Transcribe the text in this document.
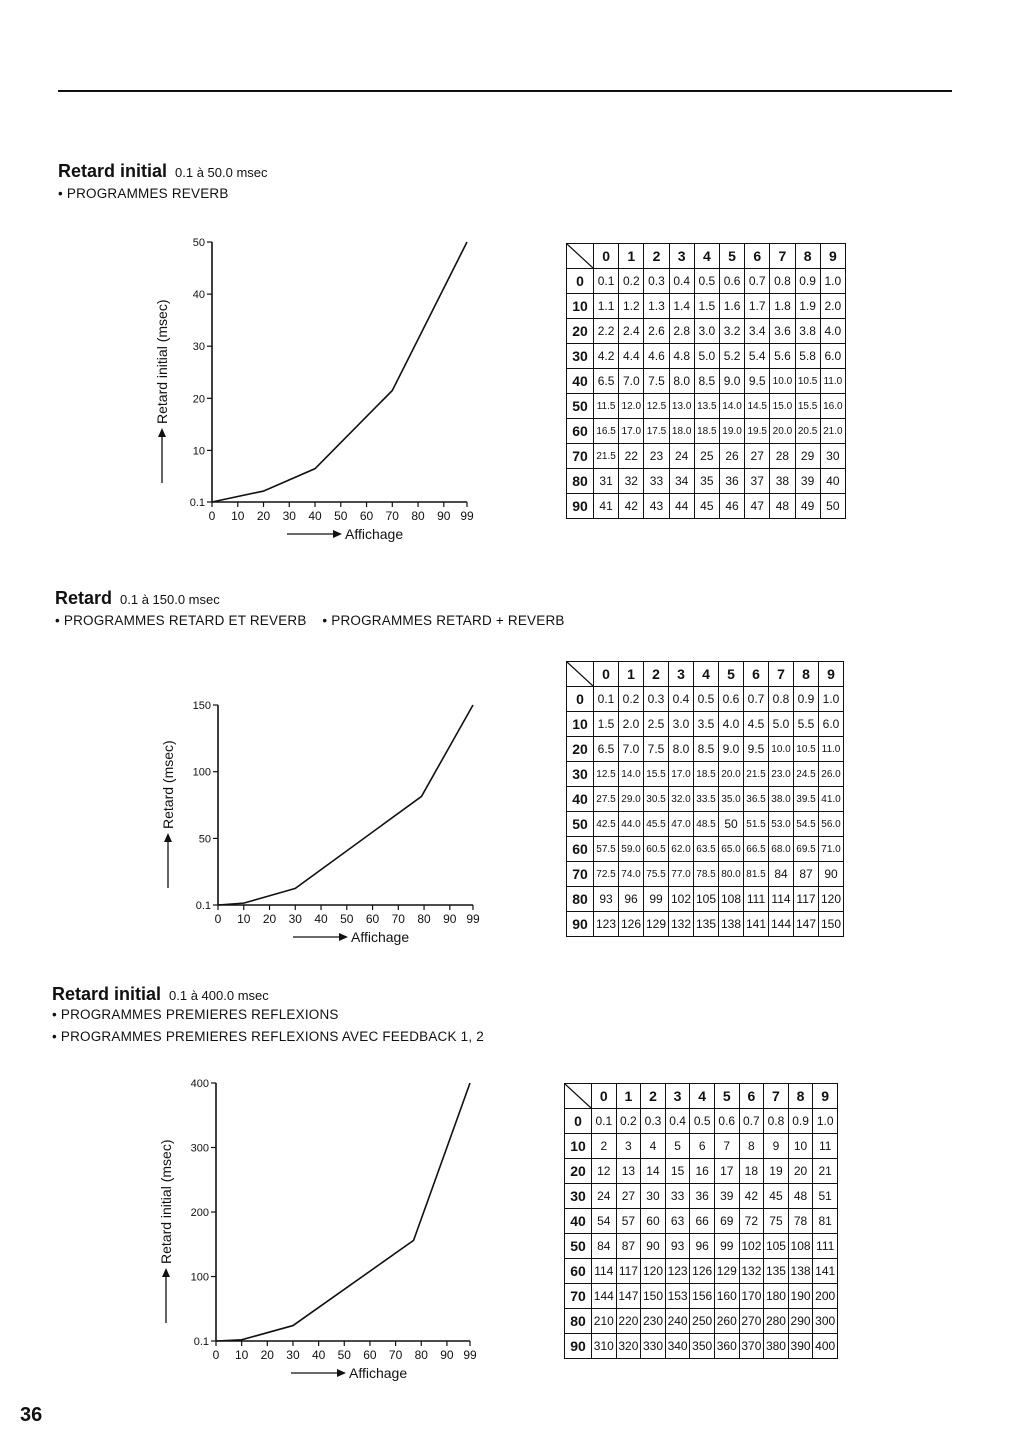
Retard initial 0.1 à 50.0 msec
• PROGRAMMES REVERB
0 10 20 30 40 50 60 70 80 90 99
0.1
10
20
30
40
50
Retard initial (msec)
Affichage
	0	1	2	3	4	5	6	7	8	9
0	0.1	0.2	0.3	0.4	0.5	0.6	0.7	0.8	0.9	1.0
10	1.1	1.2	1.3	1.4	1.5	1.6	1.7	1.8	1.9	2.0
20	2.2	2.4	2.6	2.8	3.0	3.2	3.4	3.6	3.8	4.0
30	4.2	4.4	4.6	4.8	5.0	5.2	5.4	5.6	5.8	6.0
40	6.5	7.0	7.5	8.0	8.5	9.0	9.5	10.0	10.5	11.0
50	11.5	12.0	12.5	13.0	13.5	14.0	14.5	15.0	15.5	16.0
60	16.5	17.0	17.5	18.0	18.5	19.0	19.5	20.0	20.5	21.0
70	21.5	22	23	24	25	26	27	28	29	30
80	31	32	33	34	35	36	37	38	39	40
90	41	42	43	44	45	46	47	48	49	50
Retard 0.1 à 150.0 msec
• PROGRAMMES RETARD ET REVERB    • PROGRAMMES RETARD + REVERB
0 10 20 30 40 50 60 70 80 90 99
0.1
50
100
150
Retard (msec)
Affichage
	0	1	2	3	4	5	6	7	8	9
0	0.1	0.2	0.3	0.4	0.5	0.6	0.7	0.8	0.9	1.0
10	1.5	2.0	2.5	3.0	3.5	4.0	4.5	5.0	5.5	6.0
20	6.5	7.0	7.5	8.0	8.5	9.0	9.5	10.0	10.5	11.0
30	12.5	14.0	15.5	17.0	18.5	20.0	21.5	23.0	24.5	26.0
40	27.5	29.0	30.5	32.0	33.5	35.0	36.5	38.0	39.5	41.0
50	42.5	44.0	45.5	47.0	48.5	50	51.5	53.0	54.5	56.0
60	57.5	59.0	60.5	62.0	63.5	65.0	66.5	68.0	69.5	71.0
70	72.5	74.0	75.5	77.0	78.5	80.0	81.5	84	87	90
80	93	96	99	102	105	108	111	114	117	120
90	123	126	129	132	135	138	141	144	147	150
Retard initial 0.1 à 400.0 msec
• PROGRAMMES PREMIERES REFLEXIONS
• PROGRAMMES PREMIERES REFLEXIONS AVEC FEEDBACK 1, 2
0 10 20 30 40 50 60 70 80 90 99
0.1
100
200
300
400
Retard initial (msec)
Affichage
	0	1	2	3	4	5	6	7	8	9
0	0.1	0.2	0.3	0.4	0.5	0.6	0.7	0.8	0.9	1.0
10	2	3	4	5	6	7	8	9	10	11
20	12	13	14	15	16	17	18	19	20	21
30	24	27	30	33	36	39	42	45	48	51
40	54	57	60	63	66	69	72	75	78	81
50	84	87	90	93	96	99	102	105	108	111
60	114	117	120	123	126	129	132	135	138	141
70	144	147	150	153	156	160	170	180	190	200
80	210	220	230	240	250	260	270	280	290	300
90	310	320	330	340	350	360	370	380	390	400
36
